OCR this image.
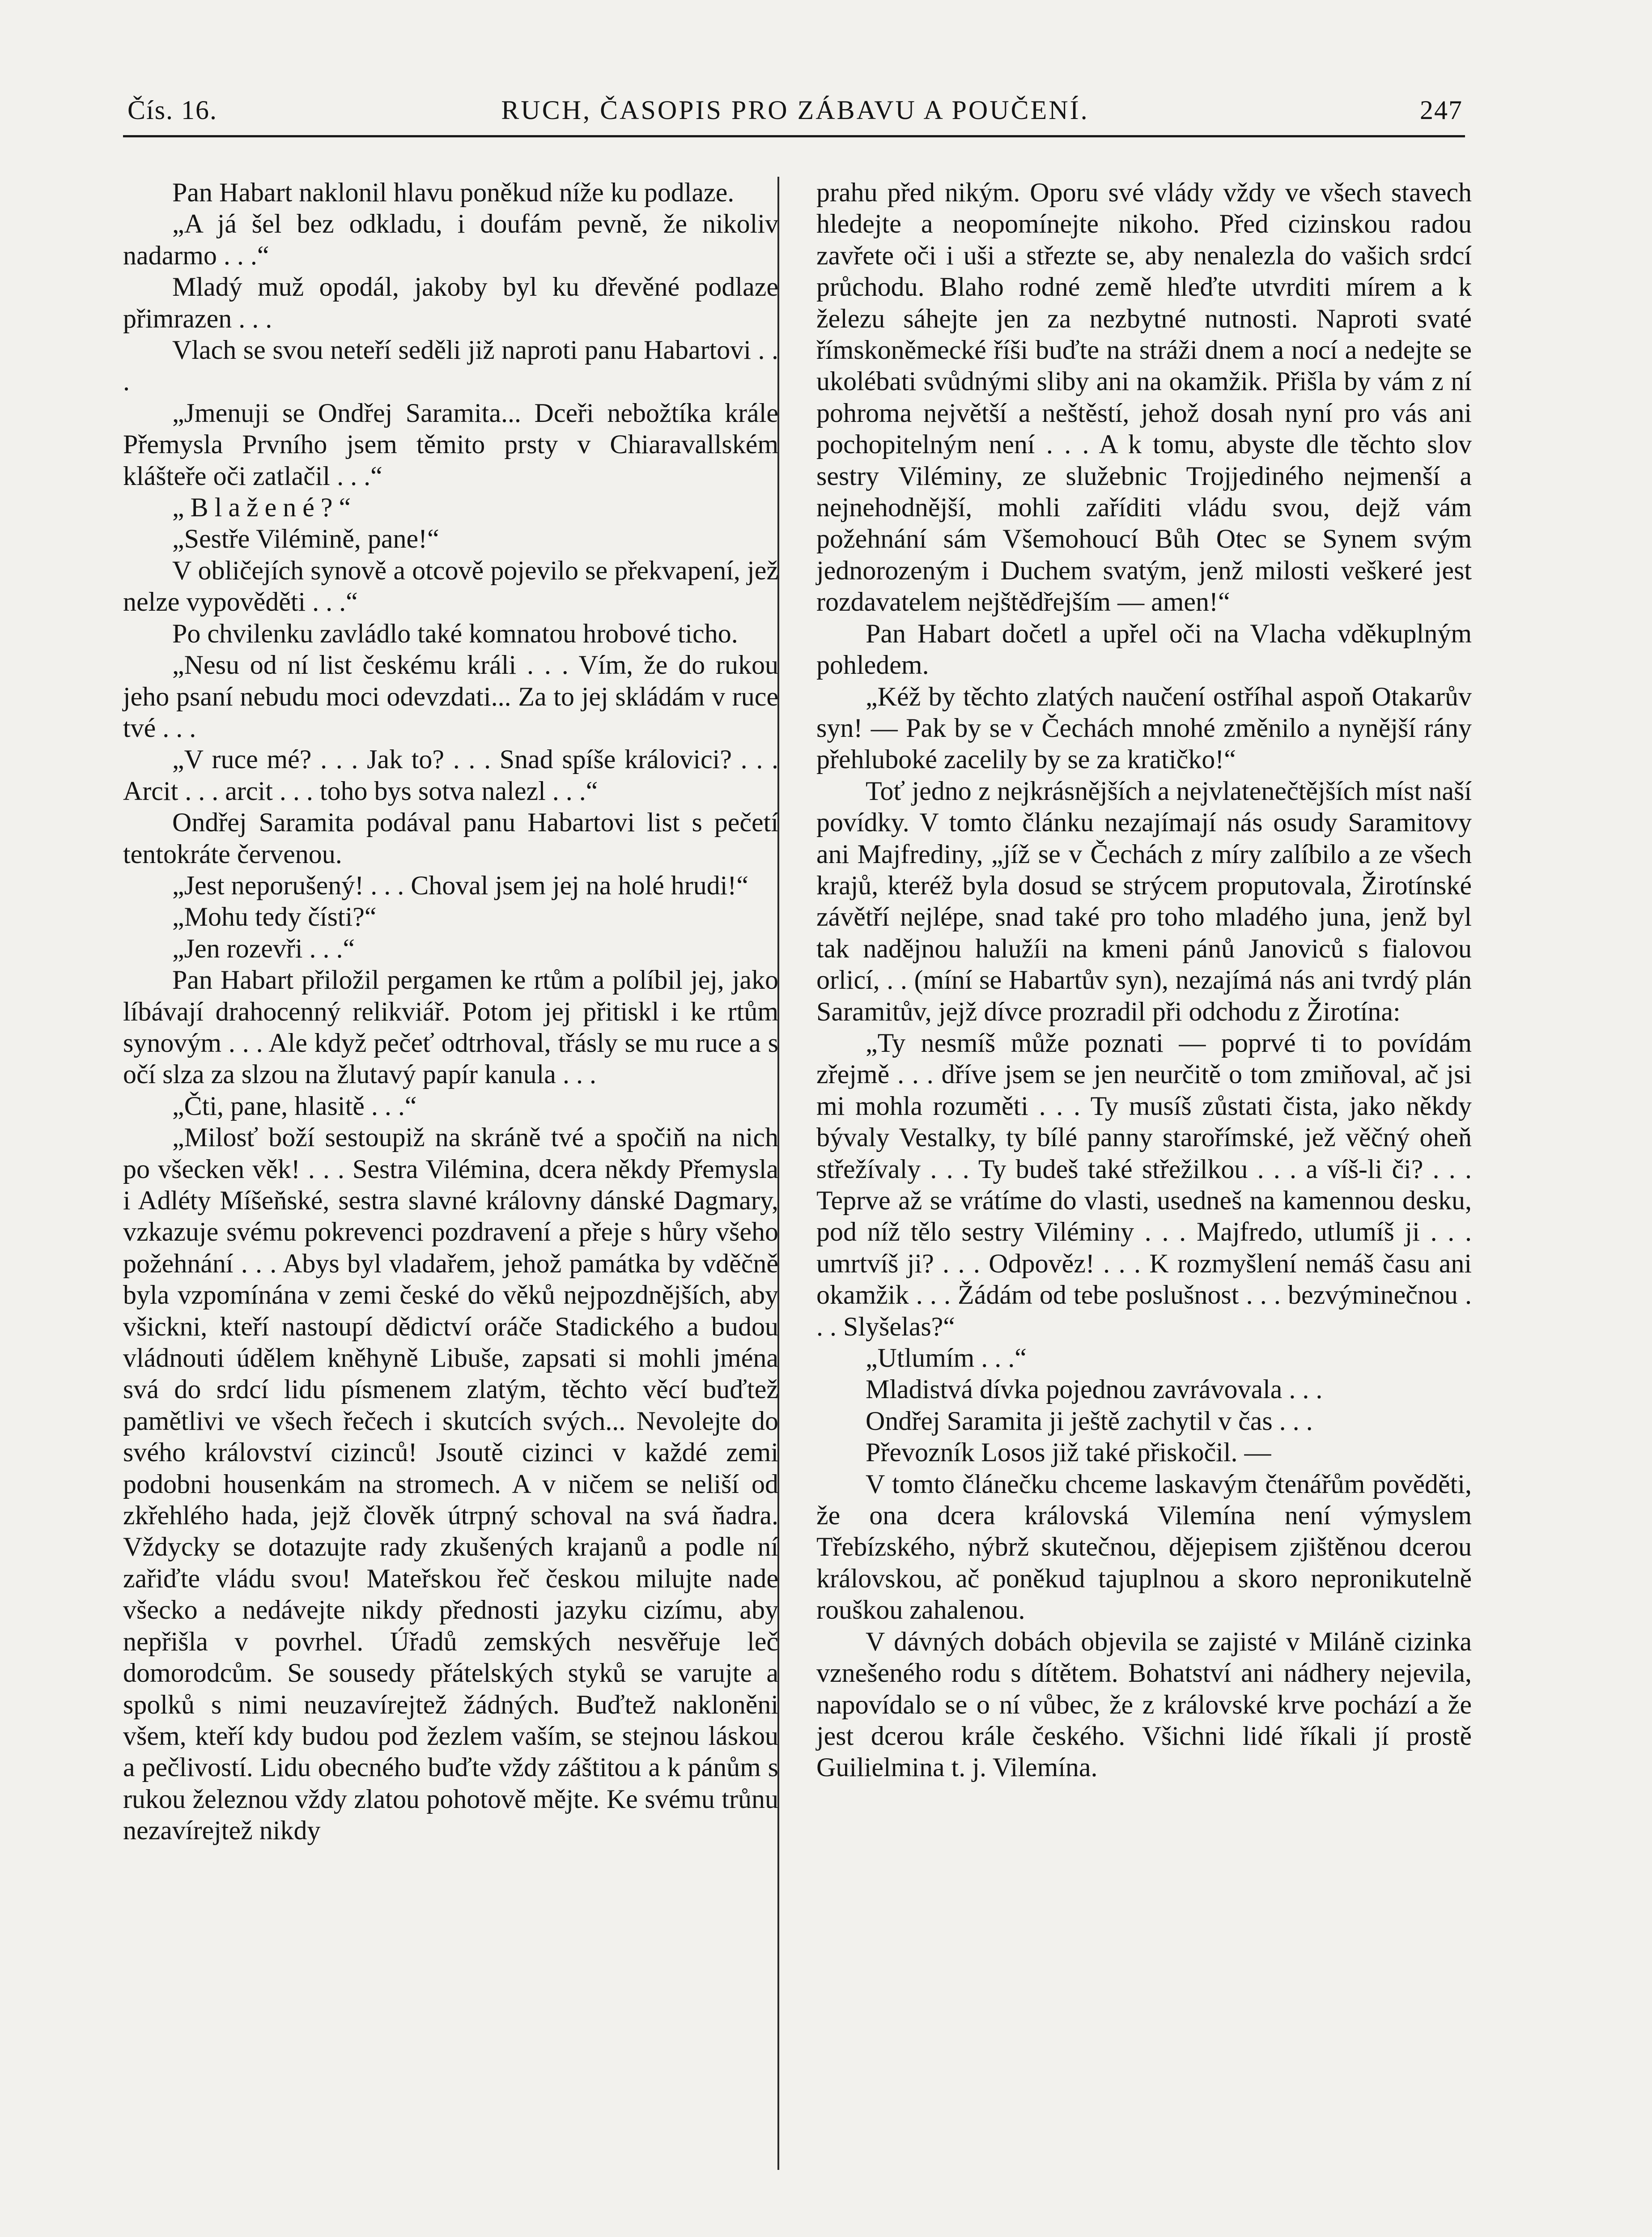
Čís. 16.	RUCH, ČASOPIS PRO ZÁBAVU A POUČENÍ.	247

Pan Habart naklonil hlavu poněkud níže ku podlaze.

„A já šel bez odkladu, i doufám pevně, že nikoliv nadarmo . . .“

Mladý muž opodál, jakoby byl ku dřevěné podlaze přimrazen . . .

Vlach se svou neteří seděli již naproti panu Habartovi . . .

„Jmenuji se Ondřej Saramita... Dceři nebožtíka krále Přemysla Prvního jsem těmito prsty v Chiaravallském klášteře oči zatlačil . . .“

„Blažené?“

„Sestře Vilémině, pane!“

V obličejích synově a otcově pojevilo se překvapení, jež nelze vypověděti . . .“

Po chvilenku zavládlo také komnatou hrobové ticho.

„Nesu od ní list českému králi . . . Vím, že do rukou jeho psaní nebudu moci odevzdati... Za to jej skládám v ruce tvé . . .

„V ruce mé? . . . Jak to? . . . Snad spíše královici? . . . Arcit . . . arcit . . . toho bys sotva nalezl . . .“

Ondřej Saramita podával panu Habartovi list s pečetí tentokráte červenou.

„Jest neporušený! . . . Choval jsem jej na holé hrudi!“

„Mohu tedy čísti?“

„Jen rozevři . . .“

Pan Habart přiložil pergamen ke rtům a políbil jej, jako líbávají drahocenný relikviář. Potom jej přitiskl i ke rtům synovým . . . Ale když pečeť odtrhoval, třásly se mu ruce a s očí slza za slzou na žlutavý papír kanula . . .

„Čti, pane, hlasitě . . .“

„Milosť boží sestoupiž na skráně tvé a spočiň na nich po všecken věk! . . . Sestra Vilémina, dcera někdy Přemysla i Adléty Míšeňské, sestra slavné královny dánské Dagmary, vzkazuje svému pokrevenci pozdravení a přeje s hůry všeho požehnání . . . Abys byl vladařem, jehož památka by vděčně byla vzpomínána v zemi české do věků nejpozdnějších, aby všickni, kteří nastoupí dědictví oráče Stadického a budou vládnouti údělem kněhyně Libuše, zapsati si mohli jména svá do srdcí lidu písmenem zlatým, těchto věcí buďtež pamětlivi ve všech řečech i skutcích svých... Nevolejte do svého království cizinců! Jsoutě cizinci v každé zemi podobni housenkám na stromech. A v ničem se neliší od zkřehlého hada, jejž člověk útrpný schoval na svá ňadra. Vždycky se dotazujte rady zkušených krajanů a podle ní zařiďte vládu svou! Mateřskou řeč českou milujte nade všecko a nedávejte nikdy přednosti jazyku cizímu, aby nepřišla v povrhel. Úřadů zemských nesvěřuje leč domorodcům. Se sousedy přátelských styků se varujte a spolků s nimi neuzavírejtež žádných. Buďtež nakloněni všem, kteří kdy budou pod žezlem vaším, se stejnou láskou a pečlivostí. Lidu obecného buďte vždy záštitou a k pánům s rukou železnou vždy zlatou pohotově mějte. Ke svému trůnu nezavírejtež nikdy

prahu před nikým. Oporu své vlády vždy ve všech stavech hledejte a neopomínejte nikoho. Před cizinskou radou zavřete oči i uši a střezte se, aby nenalezla do vašich srdcí průchodu. Blaho rodné země hleďte utvrditi mírem a k železu sáhejte jen za nezbytné nutnosti. Naproti svaté římskoněmecké říši buďte na stráži dnem a nocí a nedejte se ukolébati svůdnými sliby ani na okamžik. Přišla by vám z ní pohroma největší a neštěstí, jehož dosah nyní pro vás ani pochopitelným není . . . A k tomu, abyste dle těchto slov sestry Viléminy, ze služebnic Trojjediného nejmenší a nejnehodnější, mohli zaříditi vládu svou, dejž vám požehnání sám Všemohoucí Bůh Otec se Synem svým jednorozeným i Duchem svatým, jenž milosti veškeré jest rozdavatelem nejštědřejším — amen!“

Pan Habart dočetl a upřel oči na Vlacha vděkuplným pohledem.

„Kéž by těchto zlatých naučení ostříhal aspoň Otakarův syn! — Pak by se v Čechách mnohé změnilo a nynější rány přehluboké zacelily by se za kratičko!“

Toť jedno z nejkrásnějších a nejvlatenečtějších míst naší povídky. V tomto článku nezajímají nás osudy Saramitovy ani Majfrediny, „jíž se v Čechách z míry zalíbilo a ze všech krajů, kteréž byla dosud se strýcem proputovala, Žirotínské závětří nejlépe, snad také pro toho mladého juna, jenž byl tak nadějnou halužíi na kmeni pánů Janoviců s fialovou orlicí, . . (míní se Habartův syn), nezajímá nás ani tvrdý plán Saramitův, jejž dívce prozradil při odchodu z Žirotína:

„Ty nesmíš může poznati — poprvé ti to povídám zřejmě . . . dříve jsem se jen neurčitě o tom zmiňoval, ač jsi mi mohla rozuměti . . . Ty musíš zůstati čista, jako někdy bývaly Vestalky, ty bílé panny starořímské, jež věčný oheň střežívaly . . . Ty budeš také střežilkou . . . a víš-li či? . . . Teprve až se vrátíme do vlasti, usedneš na kamennou desku, pod níž tělo sestry Viléminy . . . Majfredo, utlumíš ji . . . umrtvíš ji? . . . Odpověz! . . . K rozmyšlení nemáš času ani okamžik . . . Žádám od tebe poslušnost . . . bezvýminečnou . . . Slyšelas?“

„Utlumím . . .“

Mladistvá dívka pojednou zavrávovala . . .

Ondřej Saramita ji ještě zachytil v čas . . .

Převozník Losos již také přiskočil. —

V tomto článečku chceme laskavým čtenářům pověděti, že ona dcera královská Vilemína není výmyslem Třebízského, nýbrž skutečnou, dějepisem zjištěnou dcerou královskou, ač poněkud tajuplnou a skoro nepronikutelně rouškou zahalenou.

V dávných dobách objevila se zajisté v Miláně cizinka vznešeného rodu s dítětem. Bohatství ani nádhery nejevila, napovídalo se o ní vůbec, že z královské krve pochází a že jest dcerou krále českého. Všichni lidé říkali jí prostě Guilielmina t. j. Vilemína.
